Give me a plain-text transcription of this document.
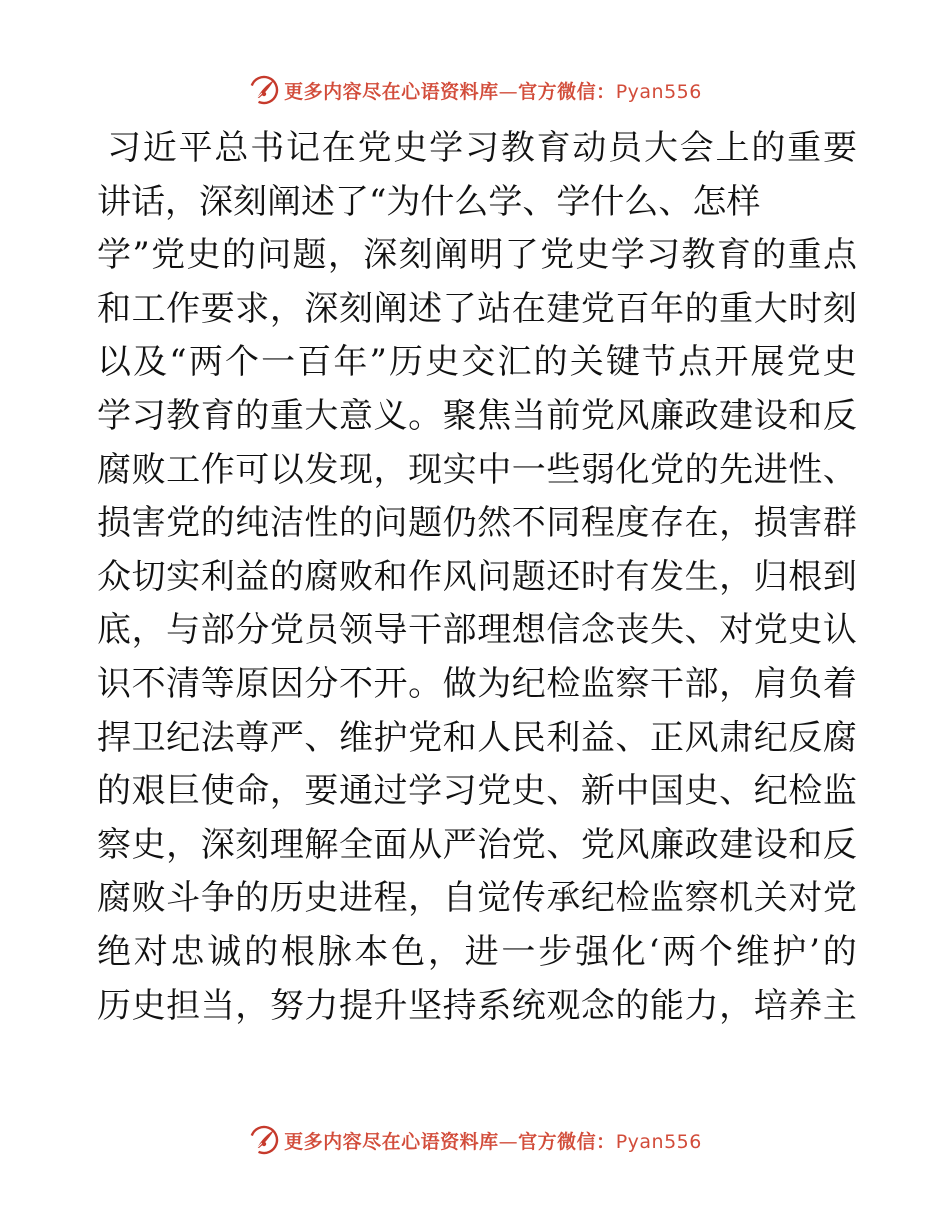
更多内容尽在心语资料库—官方微信：Pyan556
习 近 平 总 书 记 在 党 史 学 习 教 育 动 员 大 会 上 的 重 要
讲话，深刻阐述了“为什么学、学什么、怎样
学 ” 党 史 的 问 题 ， 深 刻 阐 明 了 党 史 学 习 教 育 的 重 点
和 工 作 要 求 ， 深 刻 阐 述 了 站 在 建 党 百 年 的 重 大 时 刻
以 及 “ 两 个 一 百 年 ” 历 史 交 汇 的 关 键 节 点 开 展 党 史
学 习 教 育 的 重 大 意 义 。 聚 焦 当 前 党 风 廉 政 建 设 和 反
腐 败 工 作 可 以 发 现 ， 现 实 中 一 些 弱 化 党 的 先 进 性 、
损 害 党 的 纯 洁 性 的 问 题 仍 然 不 同 程 度 存 在 ， 损 害 群
众 切 实 利 益 的 腐 败 和 作 风 问 题 还 时 有 发 生 ， 归 根 到
底 ， 与 部 分 党 员 领 导 干 部 理 想 信 念 丧 失 、 对 党 史 认
识 不 清 等 原 因 分 不 开 。 做 为 纪 检 监 察 干 部 ， 肩 负 着
捍 卫 纪 法 尊 严 、 维 护 党 和 人 民 利 益 、 正 风 肃 纪 反 腐
的 艰 巨 使 命 ， 要 通 过 学 习 党 史 、 新 中 国 史 、 纪 检 监
察 史 ， 深 刻 理 解 全 面 从 严 治 党 、 党 风 廉 政 建 设 和 反
腐 败 斗 争 的 历 史 进 程 ， 自 觉 传 承 纪 检 监 察 机 关 对 党
绝 对 忠 诚 的 根 脉 本 色 ， 进 一 步 强 化 ‘ 两 个 维 护 ’ 的
历 史 担 当 ， 努 力 提 升 坚 持 系 统 观 念 的 能 力 ， 培 养 主
更多内容尽在心语资料库—官方微信：Pyan556
